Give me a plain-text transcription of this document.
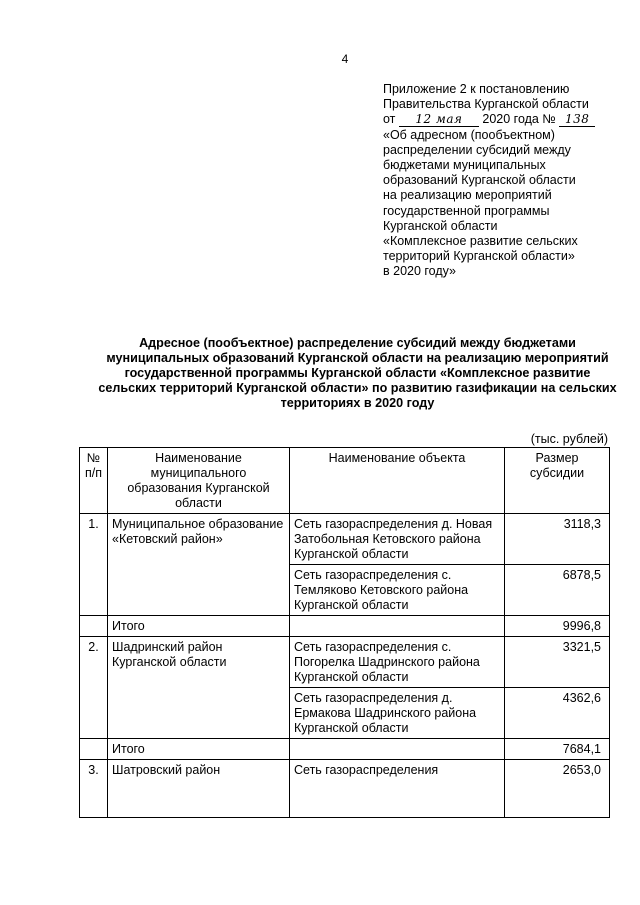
4
Приложение 2 к постановлению
Правительства Курганской области
от 12 мая 2020 года № 138
«Об адресном (пообъектном)
распределении субсидий между
бюджетами муниципальных
образований Курганской области
на реализацию мероприятий
государственной программы
Курганской области
«Комплексное развитие сельских
территорий Курганской области»
в 2020 году»
Адресное (пообъектное) распределение субсидий между бюджетами муниципальных образований Курганской области на реализацию мероприятий государственной программы Курганской области «Комплексное развитие сельских территорий Курганской области» по развитию газификации на сельских территориях в 2020 году
(тыс. рублей)
№ п/п	Наименование муниципального образования Курганской области	Наименование объекта	Размер субсидии
1.	Муниципальное образование «Кетовский район»	Сеть газораспределения д. Новая Затобольная Кетовского района Курганской области	3118,3
		Сеть газораспределения с. Темляково Кетовского района Курганской области	6878,5
	Итого		9996,8
2.	Шадринский район Курганской области	Сеть газораспределения с. Погорелка Шадринского района Курганской области	3321,5
		Сеть газораспределения д. Ермакова Шадринского района Курганской области	4362,6
	Итого		7684,1
3.	Шатровский район	Сеть газораспределения	2653,0
